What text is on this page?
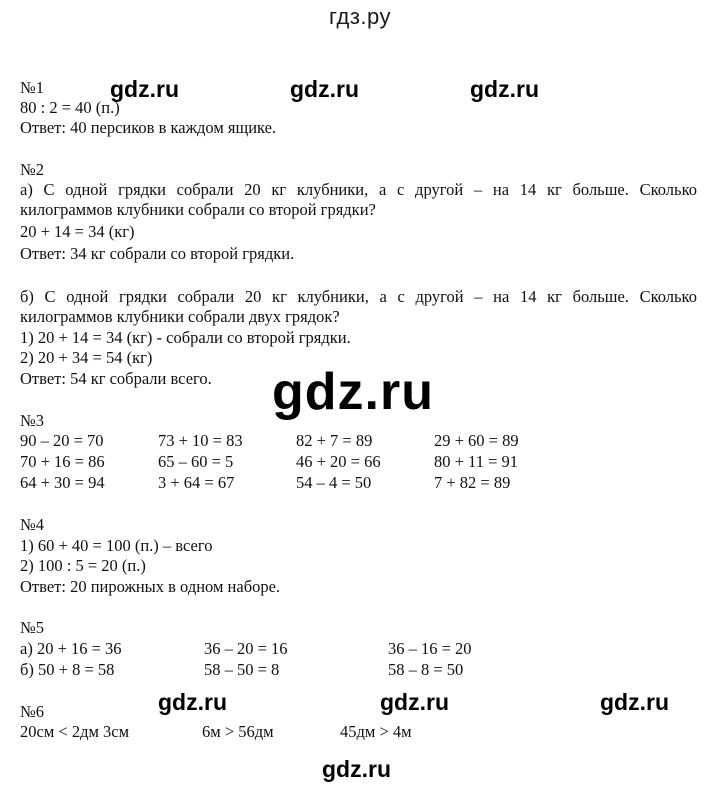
гдз.ру
gdz.ru	gdz.ru	gdz.ru
gdz.ru
gdz.ru	gdz.ru	gdz.ru
gdz.ru
№1
80 : 2 = 40 (п.)
Ответ: 40 персиков в каждом ящике.
№2
а) С одной грядки собрали 20 кг клубники, а с другой – на 14 кг больше. Сколько
килограммов клубники собрали со второй грядки?
20 + 14 = 34 (кг)
Ответ: 34 кг собрали со второй грядки.
б) С одной грядки собрали 20 кг клубники, а с другой – на 14 кг больше. Сколько
килограммов клубники собрали двух грядок?
1) 20 + 14 = 34 (кг) - собрали со второй грядки.
2) 20 + 34 = 54 (кг)
Ответ: 54 кг собрали всего.
№3
90 – 20 = 70	73 + 10 = 83	82 + 7 = 89	29 + 60 = 89
70 + 16 = 86	65 – 60 = 5	46 + 20 = 66	80 + 11 = 91
64 + 30 = 94	3 + 64 = 67	54 – 4 = 50	7 + 82 = 89
№4
1) 60 + 40 = 100 (п.) – всего
2) 100 : 5 = 20 (п.)
Ответ: 20 пирожных в одном наборе.
№5
а) 20 + 16 = 36	36 – 20 = 16	36 – 16 = 20
б) 50 + 8 = 58	58 – 50 = 8	58 – 8 = 50
№6
20см < 2дм 3см	6м > 56дм	45дм > 4м
